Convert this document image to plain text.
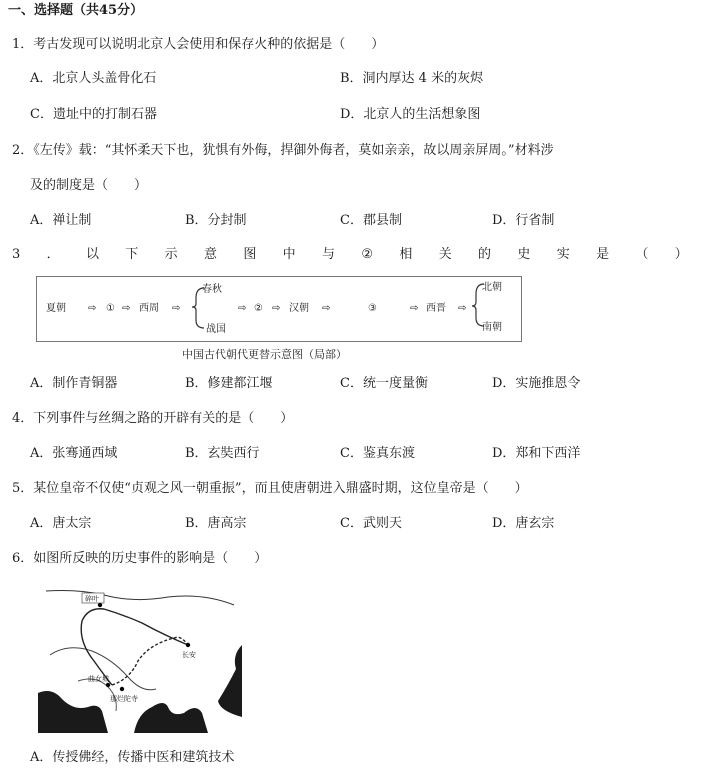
一、选择题（共45分）
1．考古发现可以说明北京人会使用和保存火种的依据是（　　）
A．北京人头盖骨化石	B．洞内厚达 4 米的灰烬
C．遗址中的打制石器	D．北京人的生活想象图
2．《左传》载：“其怀柔天下也，犹惧有外侮，捍御外侮者，莫如亲亲，故以周亲屏周。”材料涉
及的制度是（　　）
A．禅让制	B．分封制	C．郡县制	D．行省制
3 ． 以 下 示 意 图 中 与 ② 相 关 的 史 实 是 （ ）
夏朝 ⇨ ① ⇨ 西周 ⇨
春秋
战国
⇨ ② ⇨ 汉朝 ⇨	③	⇨ 西晋 ⇨
北朝
南朝
中国古代朝代更替示意图（局部）
A．制作青铜器	B．修建都江堰	C．统一度量衡	D．实施推恩令
4．下列事件与丝绸之路的开辟有关的是（　　）
A．张骞通西域	B．玄奘西行	C．鉴真东渡	D．郑和下西洋
5．某位皇帝不仅使“贞观之风一朝重振”，而且使唐朝进入鼎盛时期，这位皇帝是（　　）
A．唐太宗	B．唐高宗	C．武则天	D．唐玄宗
6．如图所反映的历史事件的影响是（　　）
碎叶
长安
曲女城
那烂陀寺
A．传授佛经，传播中医和建筑技术
